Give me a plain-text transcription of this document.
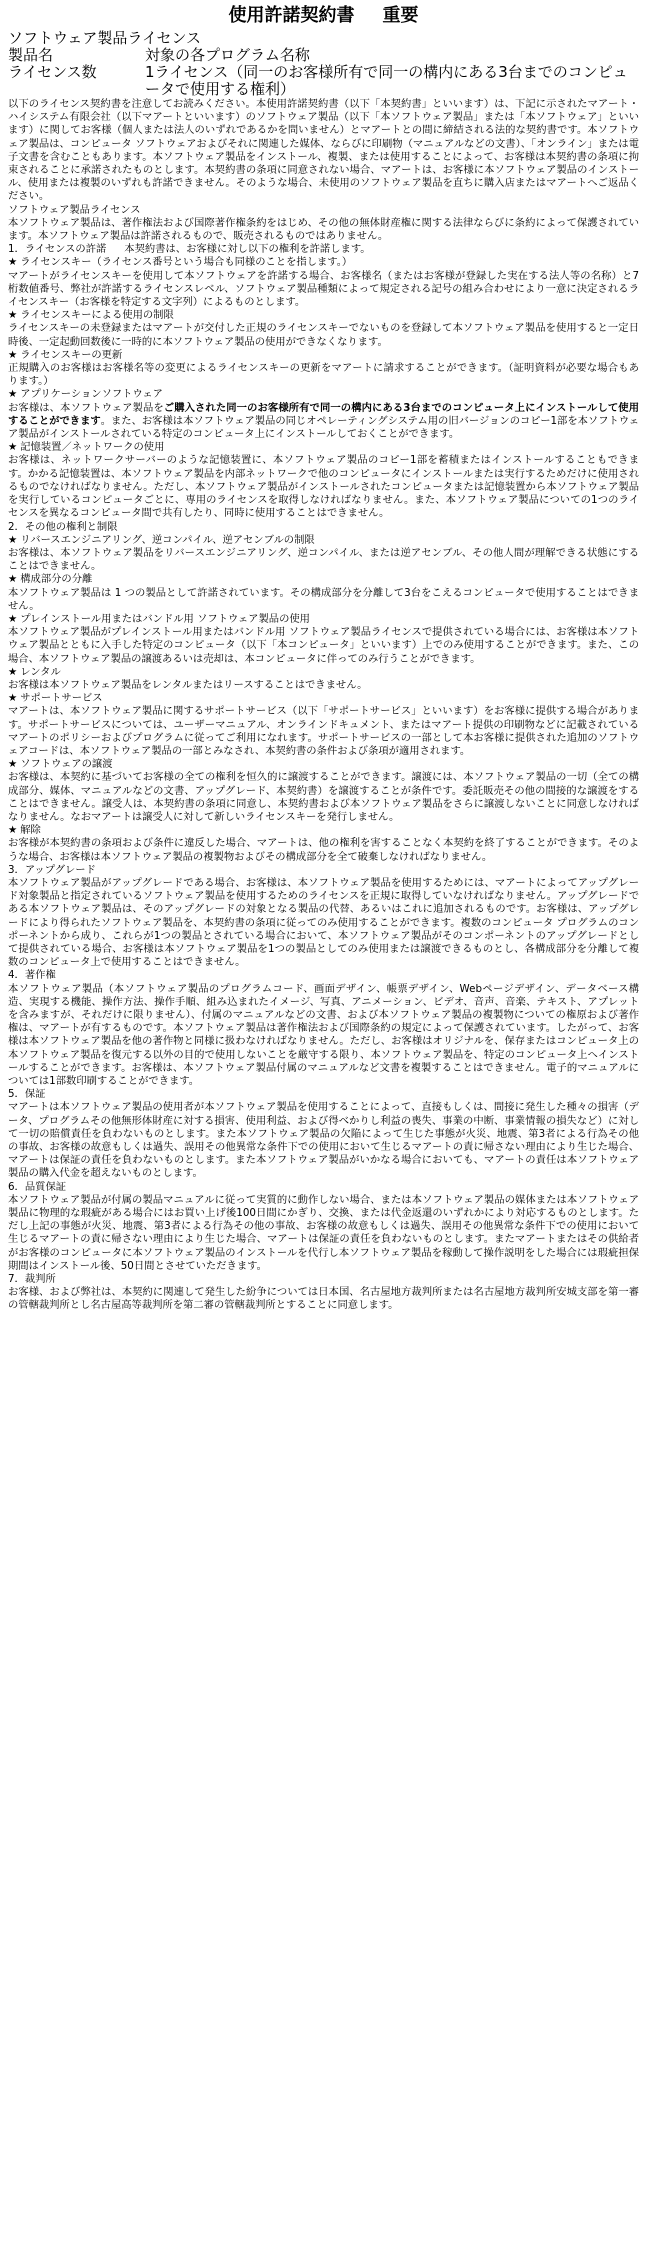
使用許諾契約書 重要
ソフトウェア製品ライセンス
製品名	対象の各プログラム名称
ライセンス数	1ライセンス（同一のお客様所有で同一の構内にある3台までのコンピュータで使用する権利）
以下のライセンス契約書を注意してお読みください。本使用許諾契約書（以下「本契約書」といいます）は、下記に示されたマアート・ハイシステム有限会社（以下マアートといいます）のソフトウェア製品（以下「本ソフトウェア製品」または「本ソフトウェア」といいます）に関してお客様（個人または法人のいずれであるかを問いません）とマアートとの間に締結される法的な契約書です。本ソフトウェア製品は、コンピュータ ソフトウェアおよびそれに関連した媒体、ならびに印刷物（マニュアルなどの文書）、「オンライン」または電子文書を含むこともあります。本ソフトウェア製品をインストール、複製、または使用することによって、お客様は本契約書の条項に拘束されることに承諾されたものとします。本契約書の条項に同意されない場合、マアートは、お客様に本ソフトウェア製品のインストール、使用または複製のいずれも許諾できません。そのような場合、未使用のソフトウェア製品を直ちに購入店またはマアートへご返品ください。
ソフトウェア製品ライセンス
本ソフトウェア製品は、著作権法および国際著作権条約をはじめ、その他の無体財産権に関する法律ならびに条約によって保護されています。本ソフトウェア製品は許諾されるもので、販売されるものではありません。
1．ライセンスの許諾 本契約書は、お客様に対し以下の権利を許諾します。
★ ライセンスキー（ライセンス番号という場合も同様のことを指します。）
マアートがライセンスキーを使用して本ソフトウェアを許諾する場合、お客様名（またはお客様が登録した実在する法人等の名称）と7桁数値番号、弊社が許諾するライセンスレベル、ソフトウェア製品種類によって規定される記号の組み合わせにより一意に決定されるライセンスキー（お客様を特定する文字列）によるものとします。
★ ライセンスキーによる使用の制限
ライセンスキーの未登録またはマアートが交付した正規のライセンスキーでないものを登録して本ソフトウェア製品を使用すると一定日時後、一定起動回数後に一時的に本ソフトウェア製品の使用ができなくなります。
★ ライセンスキーの更新
正規購入のお客様はお客様名等の変更によるライセンスキーの更新をマアートに請求することができます。（証明資料が必要な場合もあります。）
★ アプリケーションソフトウェア
お客様は、本ソフトウェア製品をご購入された同一のお客様所有で同一の構内にある3台までのコンピュータ上にインストールして使用することができます。また、お客様は本ソフトウェア製品の同じオペレーティングシステム用の旧バージョンのコピー1部を本ソフトウェア製品がインストールされている特定のコンピュータ上にインストールしておくことができます。
★ 記憶装置／ネットワークの使用
お客様は、ネットワークサーバーのような記憶装置に、本ソフトウェア製品のコピー1部を蓄積またはインストールすることもできます。かかる記憶装置は、本ソフトウェア製品を内部ネットワークで他のコンピュータにインストールまたは実行するためだけに使用されるものでなければなりません。ただし、本ソフトウェア製品がインストールされたコンピュータまたは記憶装置から本ソフトウェア製品を実行しているコンピュータごとに、専用のライセンスを取得しなければなりません。また、本ソフトウェア製品についての1つのライセンスを異なるコンピュータ間で共有したり、同時に使用することはできません。
2．その他の権利と制限
★ リバースエンジニアリング、逆コンパイル、逆アセンブルの制限
お客様は、本ソフトウェア製品をリバースエンジニアリング、逆コンパイル、または逆アセンブル、その他人間が理解できる状態にすることはできません。
★ 構成部分の分離
本ソフトウェア製品は 1 つの製品として許諾されています。その構成部分を分離して3台をこえるコンピュータで使用することはできません。
★ プレインストール用またはバンドル用 ソフトウェア製品の使用
本ソフトウェア製品がプレインストール用またはバンドル用 ソフトウェア製品ライセンスで提供されている場合には、お客様は本ソフトウェア製品とともに入手した特定のコンピュータ（以下「本コンピュータ」といいます）上でのみ使用することができます。また、この場合、本ソフトウェア製品の譲渡あるいは売却は、本コンピュータに伴ってのみ行うことができます。
★ レンタル
お客様は本ソフトウェア製品をレンタルまたはリースすることはできません。
★ サポートサービス
マアートは、本ソフトウェア製品に関するサポートサービス（以下「サポートサービス」といいます）をお客様に提供する場合があります。サポートサービスについては、ユーザーマニュアル、オンラインドキュメント、またはマアート提供の印刷物などに記載されているマアートのポリシーおよびプログラムに従ってご利用になれます。サポートサービスの一部として本お客様に提供された追加のソフトウェアコードは、本ソフトウェア製品の一部とみなされ、本契約書の条件および条項が適用されます。
★ ソフトウェアの譲渡
お客様は、本契約に基づいてお客様の全ての権利を恒久的に譲渡することができます。譲渡には、本ソフトウェア製品の一切（全ての構成部分、媒体、マニュアルなどの文書、アップグレード、本契約書）を譲渡することが条件です。委託販売その他の間接的な譲渡をすることはできません。譲受人は、本契約書の条項に同意し、本契約書および本ソフトウェア製品をさらに譲渡しないことに同意しなければなりません。なおマアートは譲受人に対して新しいライセンスキーを発行しません。
★ 解除
お客様が本契約書の条項および条件に違反した場合、マアートは、他の権利を害することなく本契約を終了することができます。そのような場合、お客様は本ソフトウェア製品の複製物およびその構成部分を全て破棄しなければなりません。
3．アップグレード
本ソフトウェア製品がアップグレードである場合、お客様は、本ソフトウェア製品を使用するためには、マアートによってアップグレード対象製品と指定されているソフトウェア製品を使用するためのライセンスを正規に取得していなければなりません。アップグレードである本ソフトウェア製品は、そのアップグレードの対象となる製品の代替、あるいはこれに追加されるものです。お客様は、アップグレードにより得られたソフトウェア製品を、本契約書の条項に従ってのみ使用することができます。複数のコンピュータ プログラムのコンポーネントから成り、これらが1つの製品とされている場合において、本ソフトウェア製品がそのコンポーネントのアップグレードとして提供されている場合、お客様は本ソフトウェア製品を1つの製品としてのみ使用または譲渡できるものとし、各構成部分を分離して複数のコンピュータ上で使用することはできません。
4．著作権
本ソフトウェア製品（本ソフトウェア製品のプログラムコード、画面デザイン、帳票デザイン、Webページデザイン、データベース構造、実現する機能、操作方法、操作手順、組み込まれたイメージ、写真、アニメーション、ビデオ、音声、音楽、テキスト、アプレットを含みますが、それだけに限りません）、付属のマニュアルなどの文書、および本ソフトウェア製品の複製物についての権原および著作権は、マアートが有するものです。本ソフトウェア製品は著作権法および国際条約の規定によって保護されています。したがって、お客様は本ソフトウェア製品を他の著作物と同様に扱わなければなりません。ただし、お客様はオリジナルを、保存またはコンピュータ上の本ソフトウェア製品を復元する以外の目的で使用しないことを厳守する限り、本ソフトウェア製品を、特定のコンピュータ上へインストールすることができます。お客様は、本ソフトウェア製品付属のマニュアルなど文書を複製することはできません。電子的マニュアルについては1部数印刷することができます。
5．保証
マアートは本ソフトウェア製品の使用者が本ソフトウェア製品を使用することによって、直接もしくは、間接に発生した種々の損害（データ、プログラムその他無形体財産に対する損害、使用利益、および得べかりし利益の喪失、事業の中断、事業情報の損失など）に対して一切の賠償責任を負わないものとします。また本ソフトウェア製品の欠陥によって生じた事態が火災、地震、第3者による行為その他の事故、お客様の故意もしくは過失、誤用その他異常な条件下での使用において生じるマアートの責に帰さない理由により生じた場合、マアートは保証の責任を負わないものとします。また本ソフトウェア製品がいかなる場合においても、マアートの責任は本ソフトウェア製品の購入代金を超えないものとします。
6．品質保証
本ソフトウェア製品が付属の製品マニュアルに従って実質的に動作しない場合、または本ソフトウェア製品の媒体または本ソフトウェア製品に物理的な瑕疵がある場合にはお買い上げ後100日間にかぎり、交換、または代金返還のいずれかにより対応するものとします。ただし上記の事態が火災、地震、第3者による行為その他の事故、お客様の故意もしくは過失、誤用その他異常な条件下での使用において生じるマアートの責に帰さない理由により生じた場合、マアートは保証の責任を負わないものとします。またマアートまたはその供給者がお客様のコンピュータに本ソフトウェア製品のインストールを代行し本ソフトウェア製品を稼動して操作説明をした場合には瑕疵担保期間はインストール後、50日間とさせていただきます。
7．裁判所
お客様、および弊社は、本契約に関連して発生した紛争については日本国、名古屋地方裁判所または名古屋地方裁判所安城支部を第一審の管轄裁判所とし名古屋高等裁判所を第二審の管轄裁判所とすることに同意します。
